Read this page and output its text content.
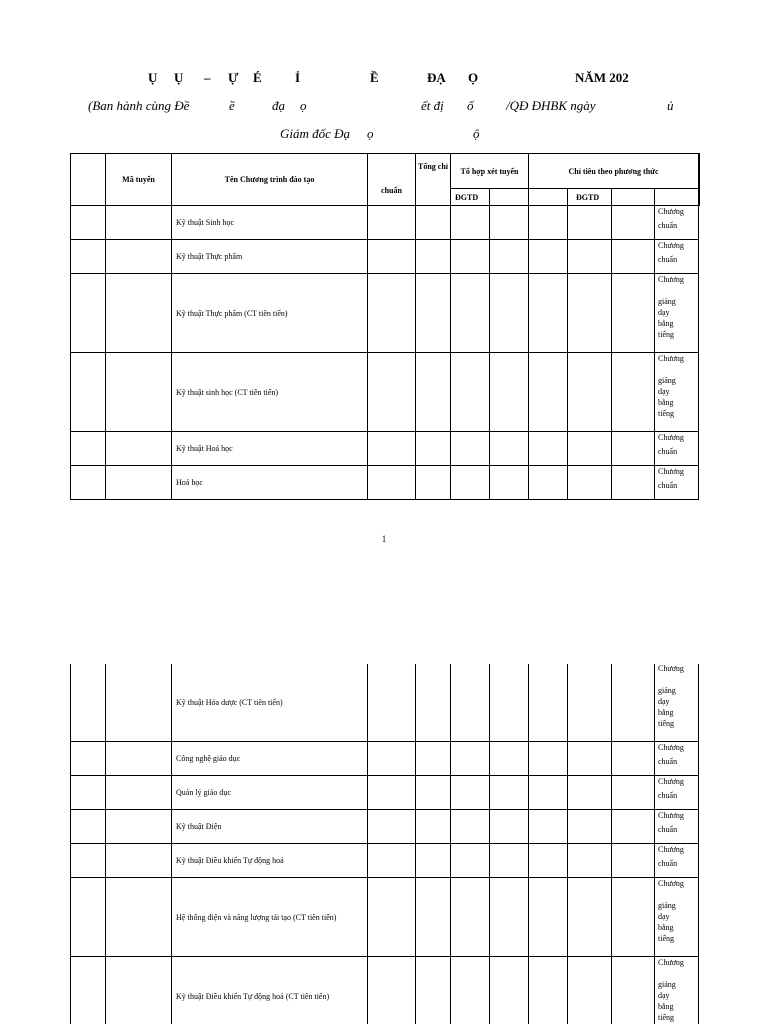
Ụ Ụ – Ự É	Ỉ	Ề	ĐẠ Ọ	NĂM 202
(Ban hành cùng Đề	ề	đạ ọ	ết đị ố	/QĐ ĐHBK ngày	ủ
Giám đốc Đạ ọ	ộ
	Mã tuyển	Tên Chương trình đào tạo	chuẩn	Tổng chỉ	Tổ hợp xét tuyển		Chỉ tiêu theo phương thức				
					ĐGTD			ĐGTD			
		Kỹ thuật Sinh học								Chương
chuẩn	

		Kỹ thuật Thực phẩm								Chương
chuẩn	

		Kỹ thuật Thực phẩm (CT tiên tiến)								Chương
giảng
dạy
bằng
tiếng	

		Kỹ thuật sinh học (CT tiên tiến)								Chương
giảng
dạy
bằng
tiếng	

		Kỹ thuật Hoá học								Chương
chuẩn	

		Hoá học								Chương
chuẩn	
1
		Kỹ thuật Hóa dược (CT tiên tiến)								Chương
giảng
dạy
bằng
tiếng

		Công nghệ giáo dục								Chương
chuẩn

		Quản lý giáo dục								Chương
chuẩn

		Kỹ thuật Điện								Chương
chuẩn

		Kỹ thuật Điều khiển Tự động hoá								Chương
chuẩn

		Hệ thống điện và năng lượng tái tạo (CT tiên tiến)								Chương
giảng
dạy
bằng
tiếng

		Kỹ thuật Điều khiển Tự động hoá (CT tiên tiến)								Chương
giảng
dạy
bằng
tiếng
